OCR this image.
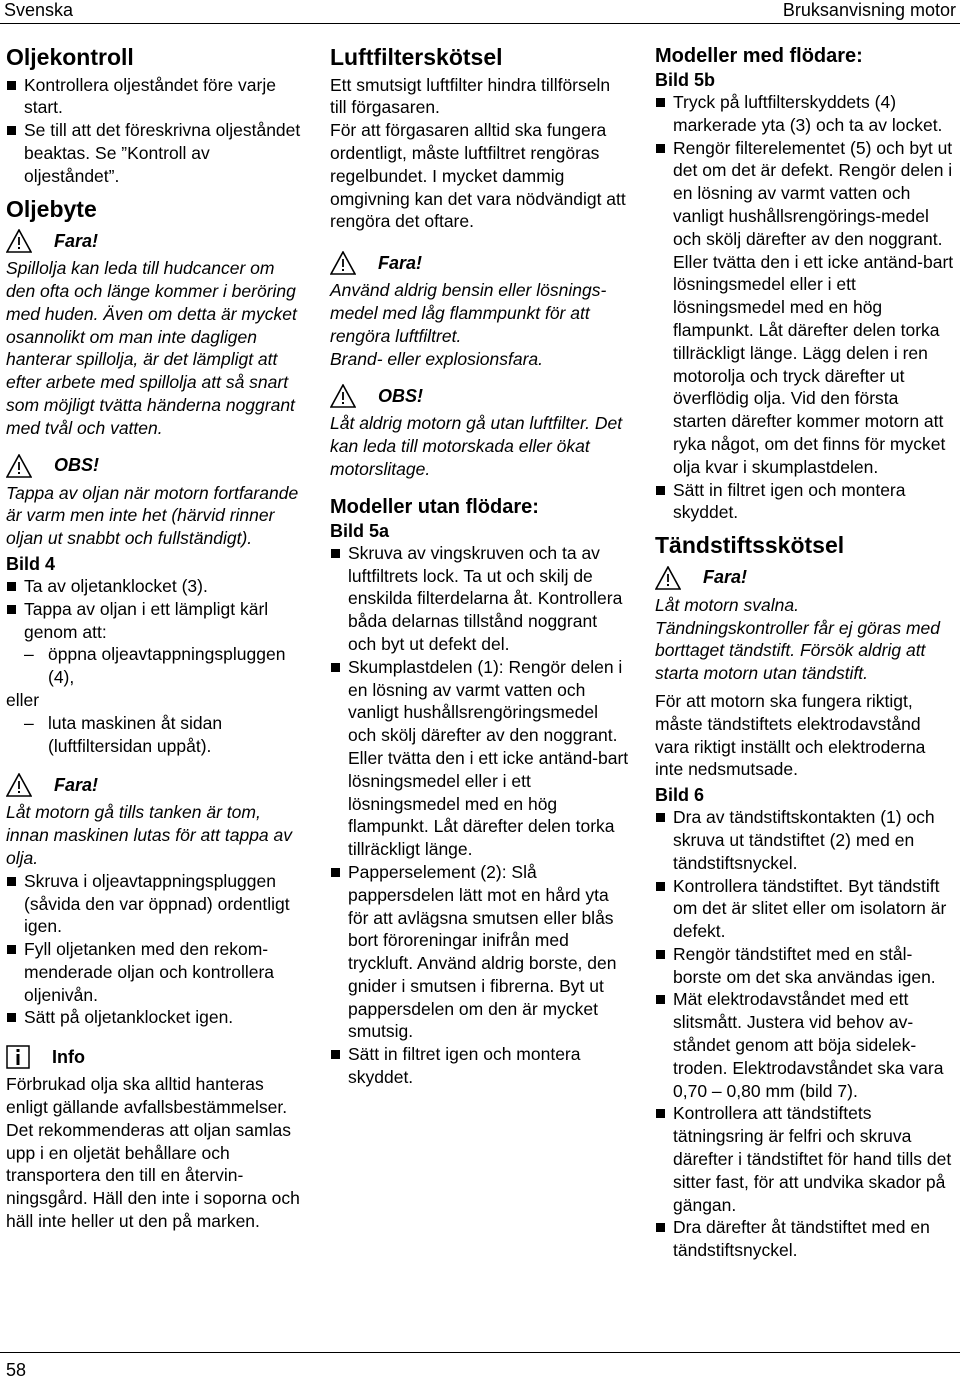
Svenska	Bruksanvisning motor
Oljekontroll
Kontrollera oljeståndet före varje start.
Se till att det föreskrivna oljeståndet beaktas. Se ”Kontroll av oljeståndet”.
Oljebyte
Fara!

Spillolja kan leda till hudcancer om den ofta och länge kommer i beröring med huden. Även om detta är mycket osannolikt om man inte dagligen hanterar spillolja, är det lämpligt att efter arbete med spillolja att så snart som möjligt tvätta händerna noggrant med tvål och vatten.

OBS!

Tappa av oljan när motorn fortfarande är varm men inte het (härvid rinner oljan ut snabbt och fullständigt).

Bild 4
Ta av oljetanklocket (3).
Tappa av oljan i ett lämpligt kärl genom att:
– öppna oljeavtappningspluggen (4),

eller

– luta maskinen åt sidan (luftfiltersidan uppåt).
Fara!

Låt motorn gå tills tanken är tom, innan maskinen lutas för att tappa av olja.

Skruva i oljeavtappningspluggen (såvida den var öppnad) ordentligt igen.
Fyll oljetanken med den rekom-menderade oljan och kontrollera oljenivån.
Sätt på oljetanklocket igen.
Info

Förbrukad olja ska alltid hanteras enligt gällande avfallsbestämmelser. Det rekommenderas att oljan samlas upp i en oljetät behållare och transportera den till en återvin-ningsgård. Häll den inte i soporna och häll inte heller ut den på marken.

Luftfilterskötsel

Ett smutsigt luftfilter hindra tillförseln till förgasaren.

För att förgasaren alltid ska fungera ordentligt, måste luftfiltret rengöras regelbundet. I mycket dammig omgivning kan det vara nödvändigt att rengöra det oftare.

Fara!

Använd aldrig bensin eller lösnings-medel med låg flammpunkt för att rengöra luftfiltret.

Brand- eller explosionsfara.

OBS!

Låt aldrig motorn gå utan luftfilter. Det kan leda till motorskada eller ökat motorslitage.

Modeller utan flödare:
Bild 5a
Skruva av vingskruven och ta av luftfiltrets lock. Ta ut och skilj de enskilda filterdelarna åt. Kontrollera båda delarnas tillstånd noggrant och byt ut defekt del.
Skumplastdelen (1): Rengör delen i en lösning av varmt vatten och vanligt hushållsrengöringsmedel och skölj därefter av den noggrant. Eller tvätta den i ett icke antänd-bart lösningsmedel eller i ett lösningsmedel med en hög flampunkt. Låt därefter delen torka tillräckligt länge.
Papperselement (2): Slå pappersdelen lätt mot en hård yta för att avlägsna smutsen eller blås bort föroreningar inifrån med tryckluft. Använd aldrig borste, den gnider i smutsen i fibrerna. Byt ut pappersdelen om den är mycket smutsig.
Sätt in filtret igen och montera skyddet.
Modeller med flödare:
Bild 5b
Tryck på luftfilterskyddets (4) markerade yta (3) och ta av locket.
Rengör filterelementet (5) och byt ut det om det är defekt. Rengör delen i en lösning av varmt vatten och vanligt hushållsrengörings-medel och skölj därefter av den noggrant. Eller tvätta den i ett icke antänd-bart lösningsmedel eller i ett lösningsmedel med en hög flampunkt. Låt därefter delen torka tillräckligt länge. Lägg delen i ren motorolja och tryck därefter ut överflödig olja. Vid den första starten därefter kommer motorn att ryka något, om det finns för mycket olja kvar i skumplastdelen.
Sätt in filtret igen och montera skyddet.
Tändstiftsskötsel
Fara!

Låt motorn svalna. Tändningskontroller får ej göras med borttaget tändstift. Försök aldrig att starta motorn utan tändstift.

För att motorn ska fungera riktigt, måste tändstiftets elektrodavstånd vara riktigt inställt och elektroderna inte nedsmutsade.

Bild 6
Dra av tändstiftskontakten (1) och skruva ut tändstiftet (2) med en tändstiftsnyckel.
Kontrollera tändstiftet. Byt tändstift om det är slitet eller om isolatorn är defekt.
Rengör tändstiftet med en stål-borste om det ska användas igen.
Mät elektrodavståndet med ett slitsmått. Justera vid behov av-ståndet genom att böja sidelek-troden. Elektrodavståndet ska vara 0,70 – 0,80 mm (bild 7).
Kontrollera att tändstiftets tätningsring är felfri och skruva därefter i tändstiftet för hand tills det sitter fast, för att undvika skador på gängan.
Dra därefter åt tändstiftet med en tändstiftsnyckel.
58
